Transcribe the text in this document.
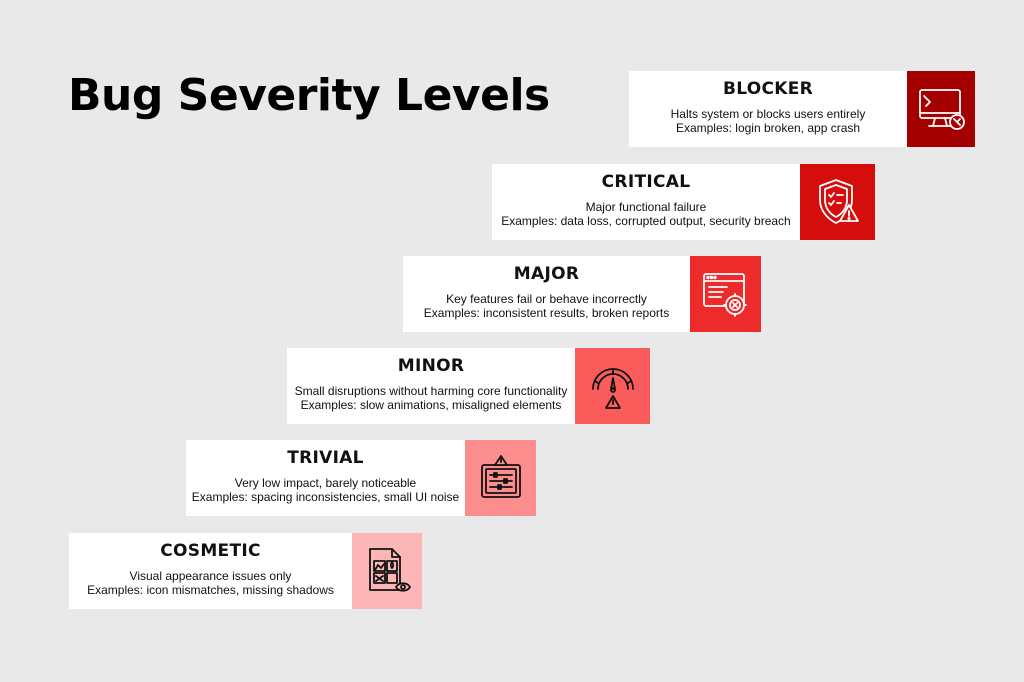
Bug Severity Levels	BLOCKER
Halts system or blocks users entirely
Examples: login broken, app crash
CRITICAL
Major functional failure
Examples: data loss, corrupted output, security breach
MAJOR
Key features fail or behave incorrectly
Examples: inconsistent results, broken reports
MINOR
Small disruptions without harming core functionality
Examples: slow animations, misaligned elements
TRIVIAL
Very low impact, barely noticeable
Examples: spacing inconsistencies, small UI noise
COSMETIC
Visual appearance issues only
Examples: icon mismatches, missing shadows
